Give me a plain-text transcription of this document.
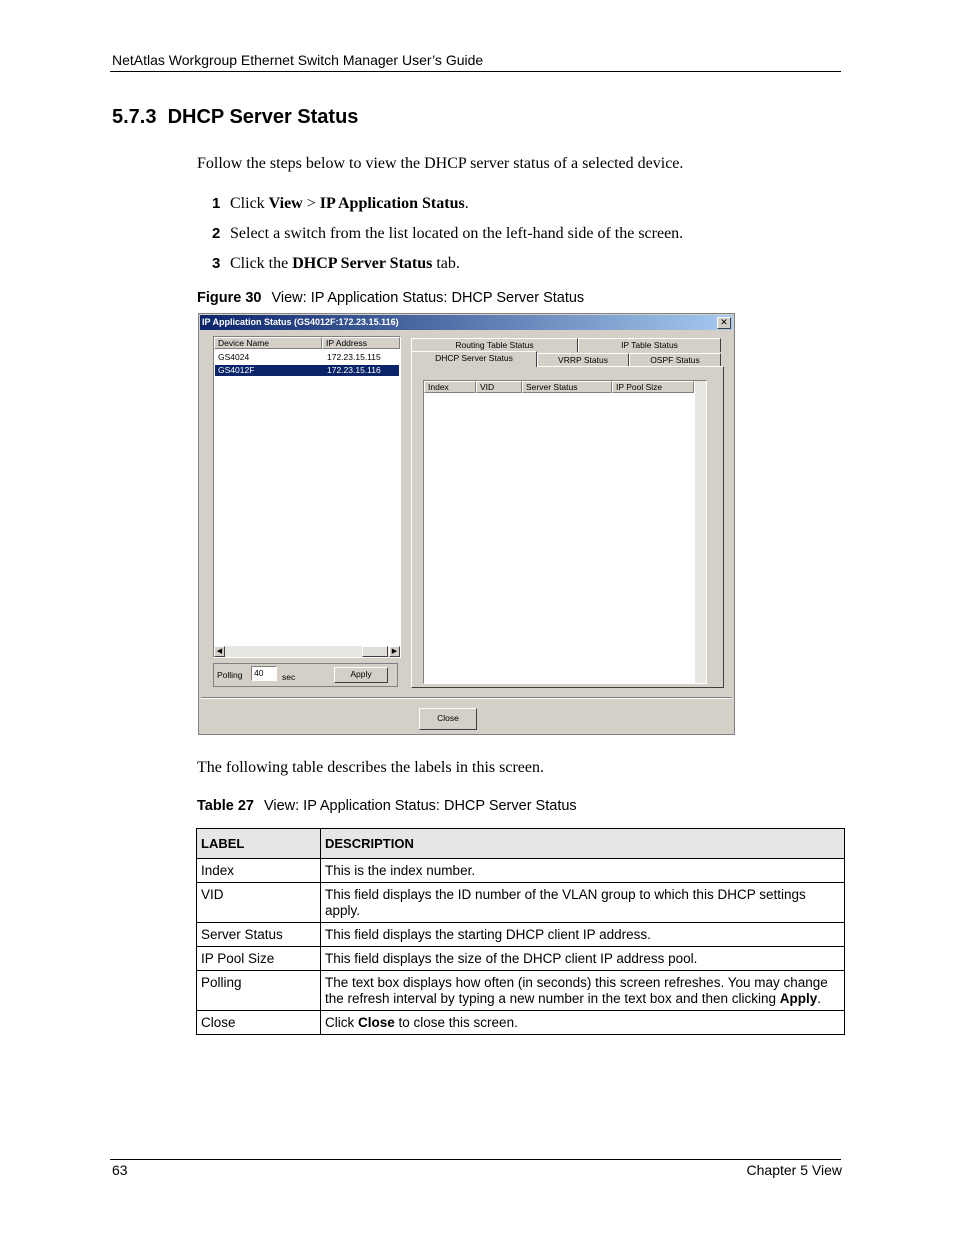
NetAtlas Workgroup Ethernet Switch Manager User’s Guide
5.7.3  DHCP Server Status
Follow the steps below to view the DHCP server status of a selected device.
1 Click View > IP Application Status.
2 Select a switch from the list located on the left-hand side of the screen.
3 Click the DHCP Server Status tab.
Figure 30 View: IP Application Status: DHCP Server Status
IP Application Status (GS4012F:172.23.15.116)	✕
Device Name	IP Address
GS4024	172.23.15.115
GS4012F	172.23.15.116
◀	▶
Polling	40	sec	Apply
Routing Table Status	IP Table Status
DHCP Server Status	VRRP Status	OSPF Status
Index	VID	Server Status	IP Pool Size
Close
The following table describes the labels in this screen.
Table 27 View: IP Application Status: DHCP Server Status
LABEL	DESCRIPTION
Index	This is the index number.
VID	This field displays the ID number of the VLAN group to which this DHCP settings apply.
Server Status	This field displays the starting DHCP client IP address.
IP Pool Size	This field displays the size of the DHCP client IP address pool.
Polling	The text box displays how often (in seconds) this screen refreshes. You may change the refresh interval by typing a new number in the text box and then clicking Apply.
Close	Click Close to close this screen.
63	Chapter 5 View
